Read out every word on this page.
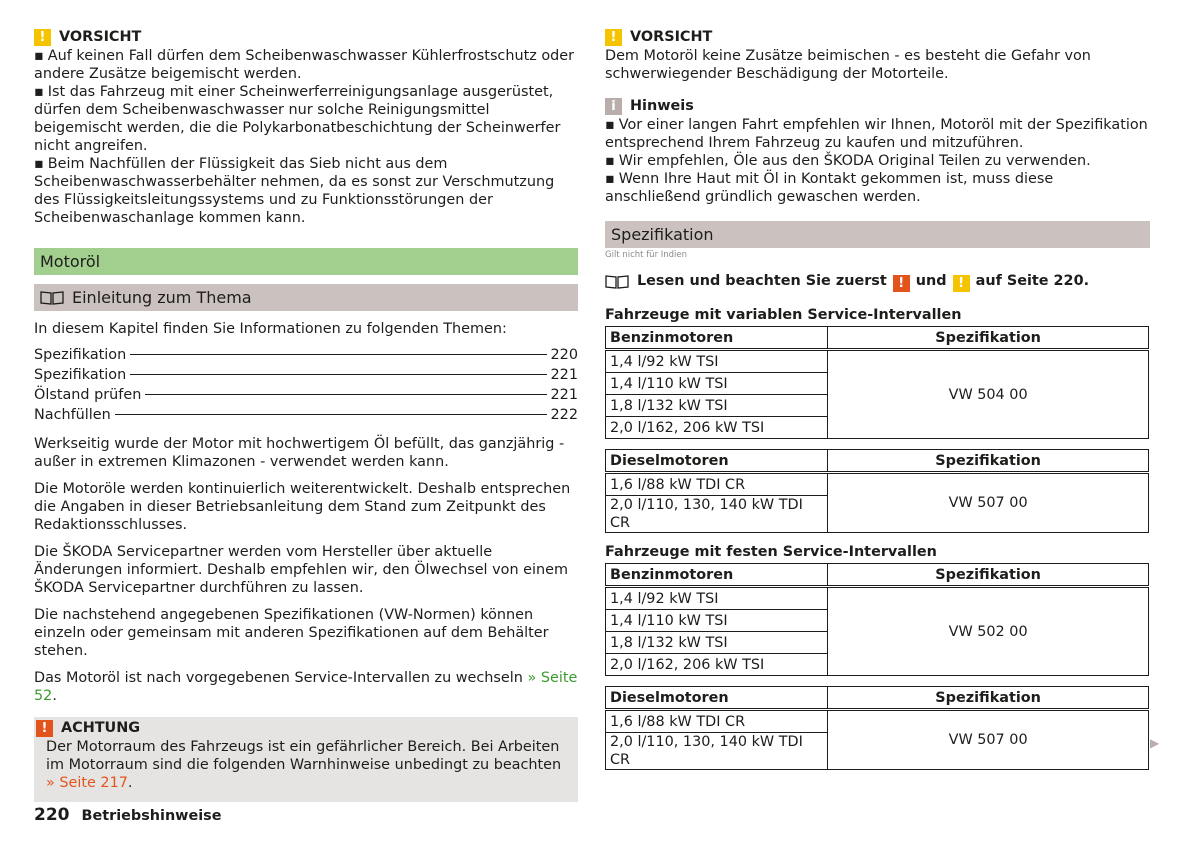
! VORSICHT

▪ Auf keinen Fall dürfen dem Scheibenwaschwasser Kühlerfrostschutz oder andere Zusätze beigemischt werden.

▪ Ist das Fahrzeug mit einer Scheinwerferreinigungsanlage ausgerüstet, dürfen dem Scheibenwaschwasser nur solche Reinigungsmittel beigemischt werden, die die Polykarbonatbeschichtung der Scheinwerfer nicht angreifen.

▪ Beim Nachfüllen der Flüssigkeit das Sieb nicht aus dem Scheibenwaschwasserbehälter nehmen, da es sonst zur Verschmutzung des Flüssigkeitsleitungssystems und zu Funktionsstörungen der Scheibenwaschanlage kommen kann.

Motoröl
Einleitung zum Thema

In diesem Kapitel finden Sie Informationen zu folgenden Themen:

Spezifikation	220
Spezifikation	221
Ölstand prüfen	221
Nachfüllen	222

Werkseitig wurde der Motor mit hochwertigem Öl befüllt, das ganzjährig - außer in extremen Klimazonen - verwendet werden kann.

Die Motoröle werden kontinuierlich weiterentwickelt. Deshalb entsprechen die Angaben in dieser Betriebsanleitung dem Stand zum Zeitpunkt des Redaktionsschlusses.

Die ŠKODA Servicepartner werden vom Hersteller über aktuelle Änderungen informiert. Deshalb empfehlen wir, den Ölwechsel von einem ŠKODA Servicepartner durchführen zu lassen.

Die nachstehend angegebenen Spezifikationen (VW-Normen) können einzeln oder gemeinsam mit anderen Spezifikationen auf dem Behälter stehen.

Das Motoröl ist nach vorgegebenen Service-Intervallen zu wechseln » Seite 52.

! ACHTUNG

Der Motorraum des Fahrzeugs ist ein gefährlicher Bereich. Bei Arbeiten im Motorraum sind die folgenden Warnhinweise unbedingt zu beachten » Seite 217.

! VORSICHT

Dem Motoröl keine Zusätze beimischen - es besteht die Gefahr von schwerwiegender Beschädigung der Motorteile.

i Hinweis

▪ Vor einer langen Fahrt empfehlen wir Ihnen, Motoröl mit der Spezifikation entsprechend Ihrem Fahrzeug zu kaufen und mitzuführen.

▪ Wir empfehlen, Öle aus den ŠKODA Original Teilen zu verwenden.

▪ Wenn Ihre Haut mit Öl in Kontakt gekommen ist, muss diese anschließend gründlich gewaschen werden.

Spezifikation
Gilt nicht für Indien
Lesen und beachten Sie zuerst ! und ! auf Seite 220.
Fahrzeuge mit variablen Service-Intervallen
Benzinmotoren	Spezifikation
1,4 l/92 kW TSI	VW 504 00
1,4 l/110 kW TSI	
1,8 l/132 kW TSI	
2,0 l/162, 206 kW TSI	
Dieselmotoren	Spezifikation
1,6 l/88 kW TDI CR	VW 507 00
2,0 l/110, 130, 140 kW TDI CR	
Fahrzeuge mit festen Service-Intervallen
Benzinmotoren	Spezifikation
1,4 l/92 kW TSI	VW 502 00
1,4 l/110 kW TSI	
1,8 l/132 kW TSI	
2,0 l/162, 206 kW TSI	
Dieselmotoren	Spezifikation
1,6 l/88 kW TDI CR	VW 507 00
2,0 l/110, 130, 140 kW TDI CR	
▶
220 Betriebshinweise
